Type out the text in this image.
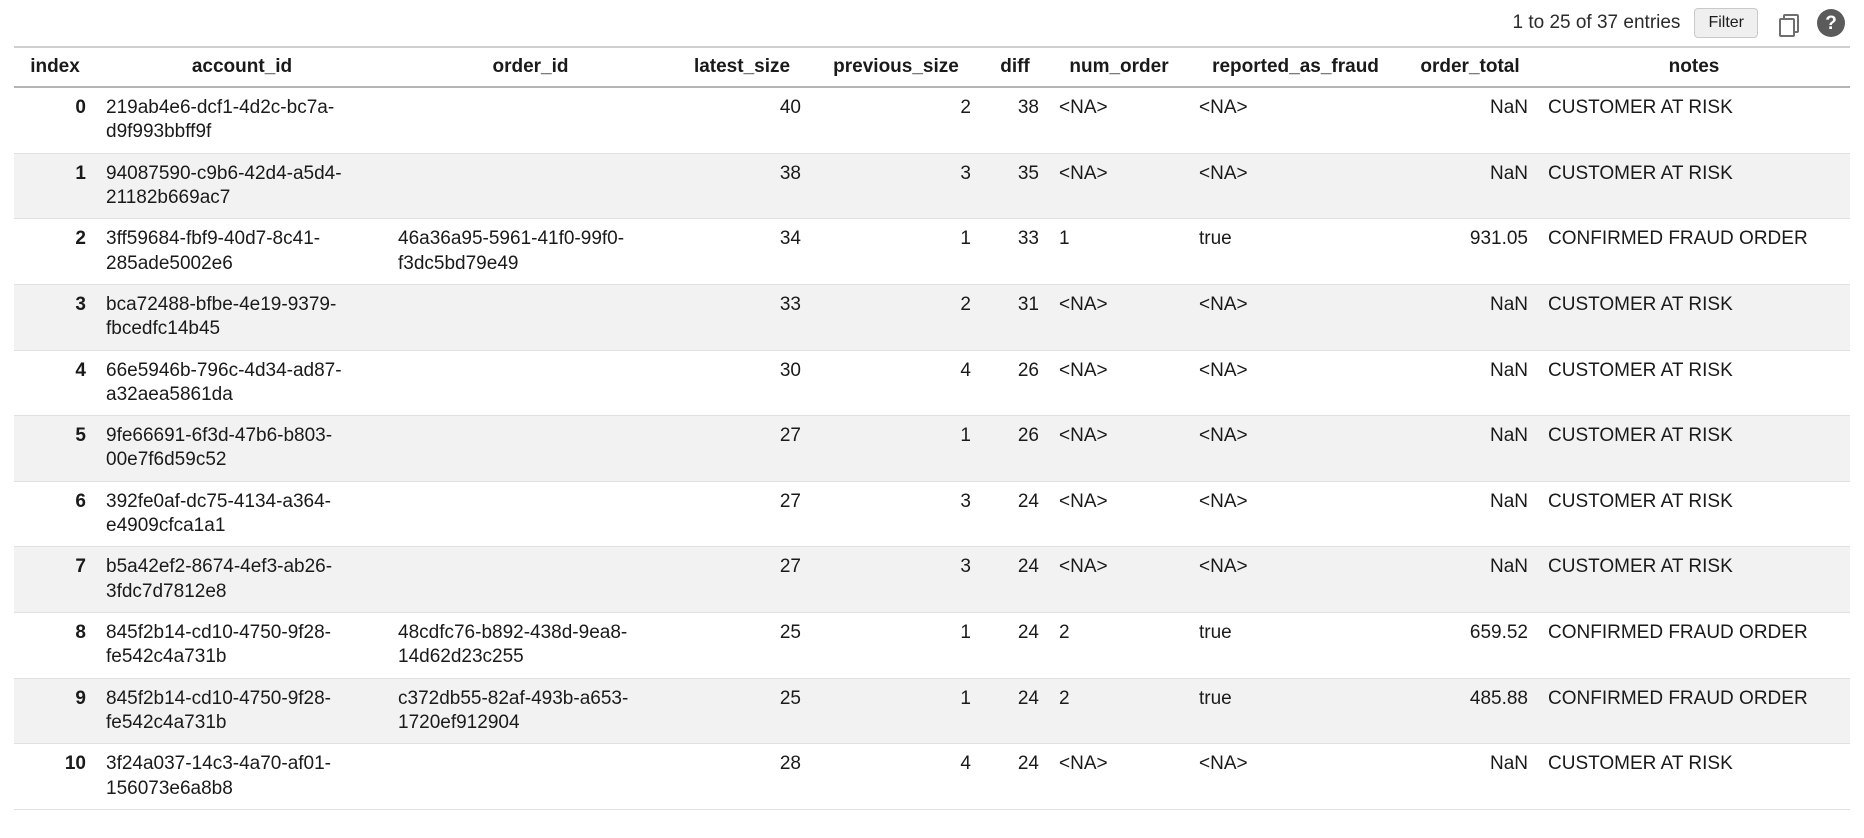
1 to 25 of 37 entries	Filter	?
index	account_id	order_id	latest_size	previous_size	diff	num_order	reported_as_fraud	order_total	notes
0	219ab4e6-dcf1-4d2c-bc7a-d9f993bbff9f		40	2	38	<NA>	<NA>	NaN	CUSTOMER AT RISK
1	94087590-c9b6-42d4-a5d4-21182b669ac7		38	3	35	<NA>	<NA>	NaN	CUSTOMER AT RISK
2	3ff59684-fbf9-40d7-8c41-285ade5002e6	46a36a95-5961-41f0-99f0-f3dc5bd79e49	34	1	33	1	true	931.05	CONFIRMED FRAUD ORDER
3	bca72488-bfbe-4e19-9379-fbcedfc14b45		33	2	31	<NA>	<NA>	NaN	CUSTOMER AT RISK
4	66e5946b-796c-4d34-ad87-a32aea5861da		30	4	26	<NA>	<NA>	NaN	CUSTOMER AT RISK
5	9fe66691-6f3d-47b6-b803-00e7f6d59c52		27	1	26	<NA>	<NA>	NaN	CUSTOMER AT RISK
6	392fe0af-dc75-4134-a364-e4909cfca1a1		27	3	24	<NA>	<NA>	NaN	CUSTOMER AT RISK
7	b5a42ef2-8674-4ef3-ab26-3fdc7d7812e8		27	3	24	<NA>	<NA>	NaN	CUSTOMER AT RISK
8	845f2b14-cd10-4750-9f28-fe542c4a731b	48cdfc76-b892-438d-9ea8-14d62d23c255	25	1	24	2	true	659.52	CONFIRMED FRAUD ORDER
9	845f2b14-cd10-4750-9f28-fe542c4a731b	c372db55-82af-493b-a653-1720ef912904	25	1	24	2	true	485.88	CONFIRMED FRAUD ORDER
10	3f24a037-14c3-4a70-af01-156073e6a8b8		28	4	24	<NA>	<NA>	NaN	CUSTOMER AT RISK
